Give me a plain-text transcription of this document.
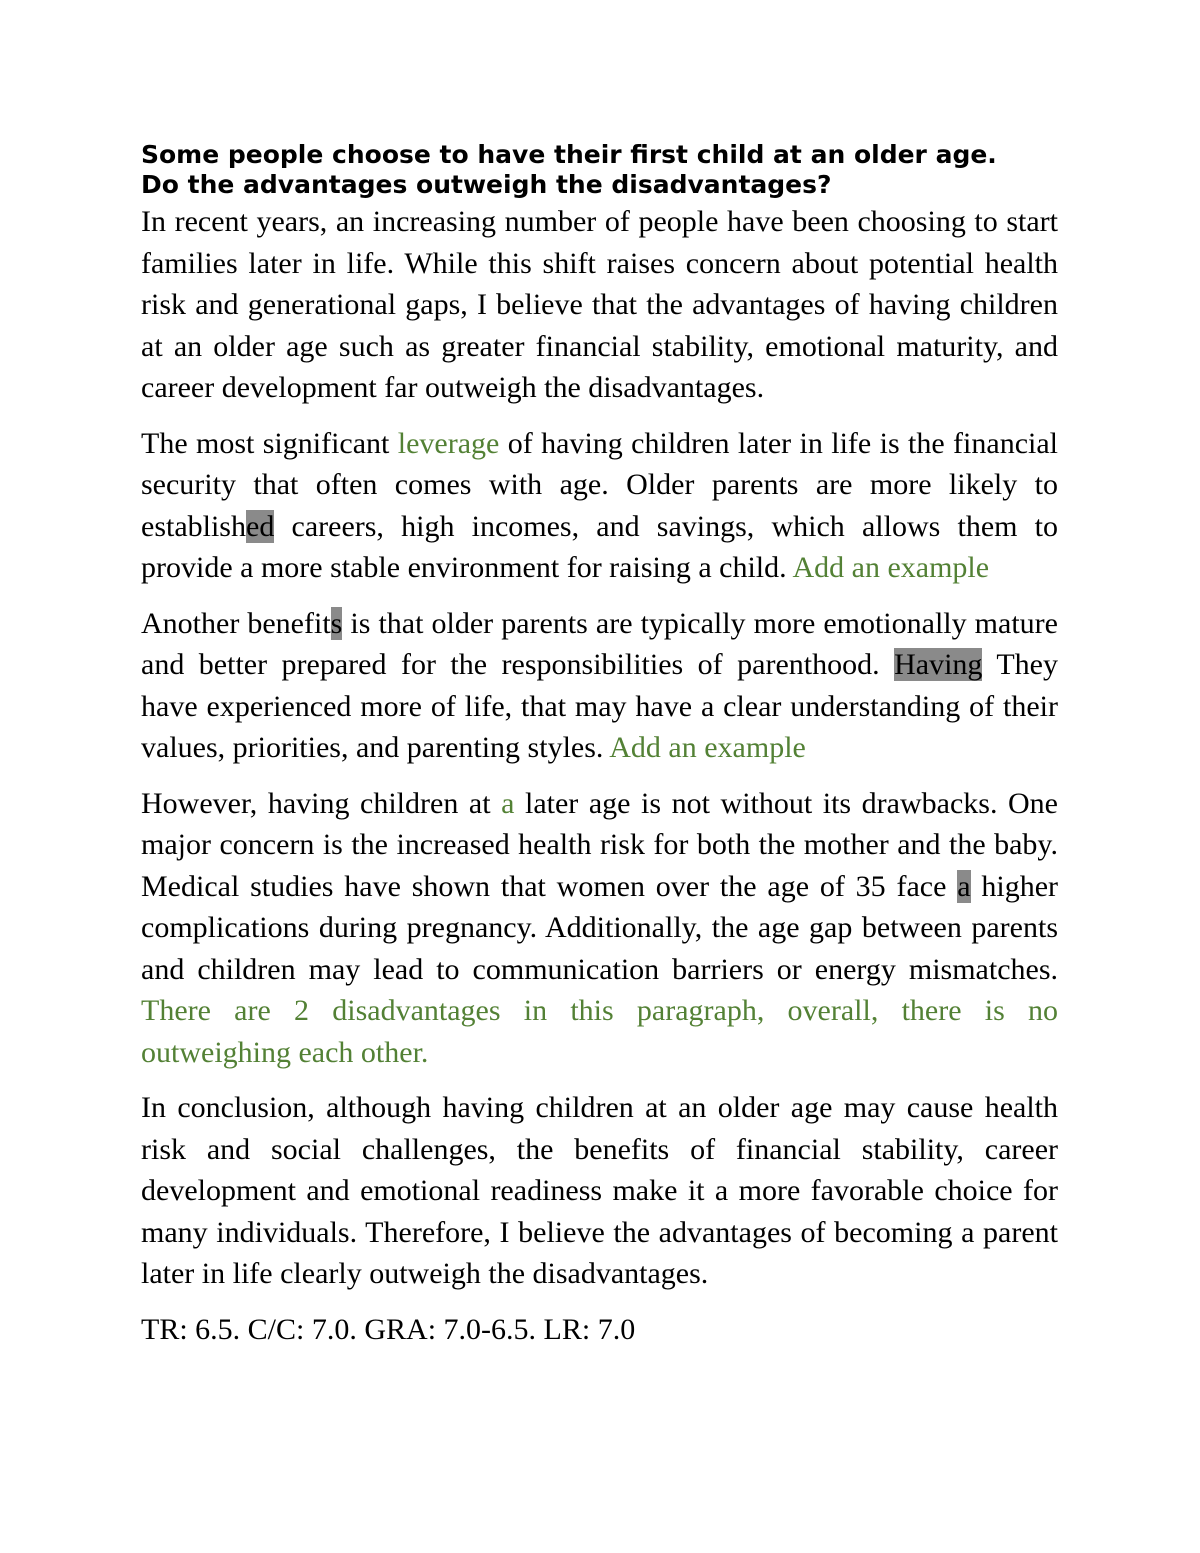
Some people choose to have their first child at an older age.
Do the advantages outweigh the disadvantages?

In recent years, an increasing number of people have been choosing to start families later in life. While this shift raises concern about potential health risk and generational gaps, I believe that the advantages of having children at an older age such as greater financial stability, emotional maturity, and career development far outweigh the disadvantages.

The most significant leverage of having children later in life is the financial security that often comes with age. Older parents are more likely to established careers, high incomes, and savings, which allows them to provide a more stable environment for raising a child. Add an example

Another benefits is that older parents are typically more emotionally mature and better prepared for the responsibilities of parenthood. Having They have experienced more of life, that may have a clear understanding of their values, priorities, and parenting styles. Add an example

However, having children at a later age is not without its drawbacks. One major concern is the increased health risk for both the mother and the baby. Medical studies have shown that women over the age of 35 face a higher complications during pregnancy. Additionally, the age gap between parents and children may lead to communication barriers or energy mismatches. There are 2 disadvantages in this paragraph, overall, there is no outweighing each other.

In conclusion, although having children at an older age may cause health risk and social challenges, the benefits of financial stability, career development and emotional readiness make it a more favorable choice for many individuals. Therefore, I believe the advantages of becoming a parent later in life clearly outweigh the disadvantages.

TR: 6.5. C/C: 7.0. GRA: 7.0-6.5. LR: 7.0
